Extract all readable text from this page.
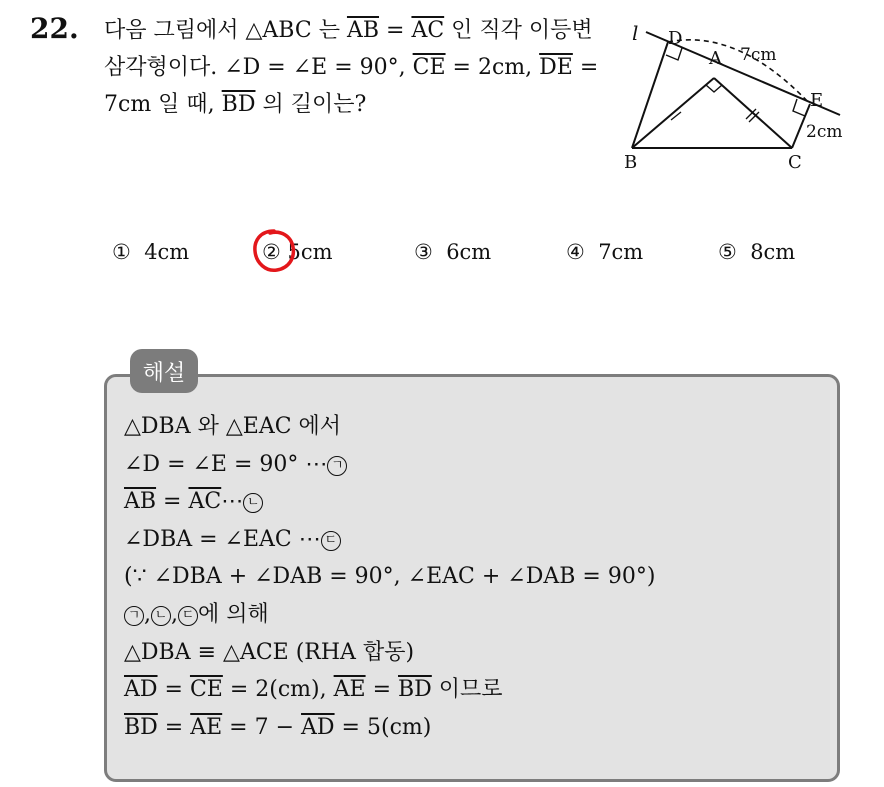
22. 다음 그림에서 △ABC 는 $\overline{AB} = \overline{AC}$ 인 직각 이등변삼각형이다. ∠D = ∠E = 90°, $\overline{CE} = 2cm$, $\overline{DE} = 7cm$ 일 때, $\overline{BD}$ 의 길이는?
l D
A
E
B	C
7cm
2cm
① 4cm	② 5cm	③ 6cm	④ 7cm	⑤ 8cm
해설
△DBA 와 △EAC 에서
∠D = ∠E = 90° ⋯ ㄱ
$\overline{AB}$ = $\overline{AC}\cdots$ ㄴ
∠DBA = ∠EAC ⋯ ㄷ
(∵ ∠DBA + ∠DAB = 90°, ∠EAC + ∠DAB = 90°)
ㄱ , ㄴ , ㄷ 에 의해
△DBA ≡ △ACE (RHA 합동)
$\overline{AD} = \overline{CE} = 2(cm)$, $\overline{AE} = \overline{BD}$ 이므로
$\overline{BD} = \overline{AE} = 7 - \overline{AD} = 5(cm)$
